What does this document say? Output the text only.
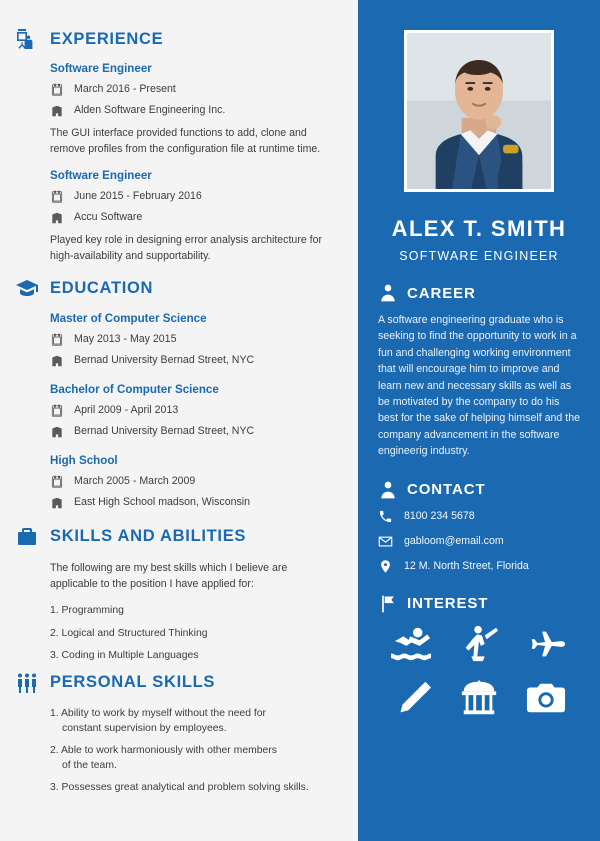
EXPERIENCE
Software Engineer
March 2016 - Present
Alden Software Engineering Inc.

The GUI interface provided functions to add, clone and remove profiles from the configuration file at runtime time.

Software Engineer
June 2015 - February 2016
Accu Software

Played key role in designing error analysis architecture for high-availability and supportability.

EDUCATION
Master of Computer Science
May 2013 - May 2015
Bernad University Bernad Street, NYC
Bachelor of Computer Science
April 2009 - April 2013
Bernad University Bernad Street, NYC
High School
March 2005 - March 2009
East High School madson, Wisconsin
SKILLS AND ABILITIES

The following are my best skills which I believe are applicable to the position I have applied for:

1. Programming
2. Logical and Structured Thinking
3. Coding in Multiple Languages
PERSONAL SKILLS
1. Ability to work by myself without the need for
constant supervision by employees.
2. Able to work harmoniously with other members
of the team.
3. Possesses great analytical and problem solving skills.
ALEX T. SMITH
SOFTWARE ENGINEER
CAREER

A software engineering graduate who is seeking to find the opportunity to work in a fun and challenging working environment that will encourage him to improve and learn new and necessary skills as well as be motivated by the company to do his best for the sake of helping himself and the company advancement in the software engineerig industry.

CONTACT
8100 234 5678
gabloom@email.com
12 M. North Street, Florida
INTEREST
